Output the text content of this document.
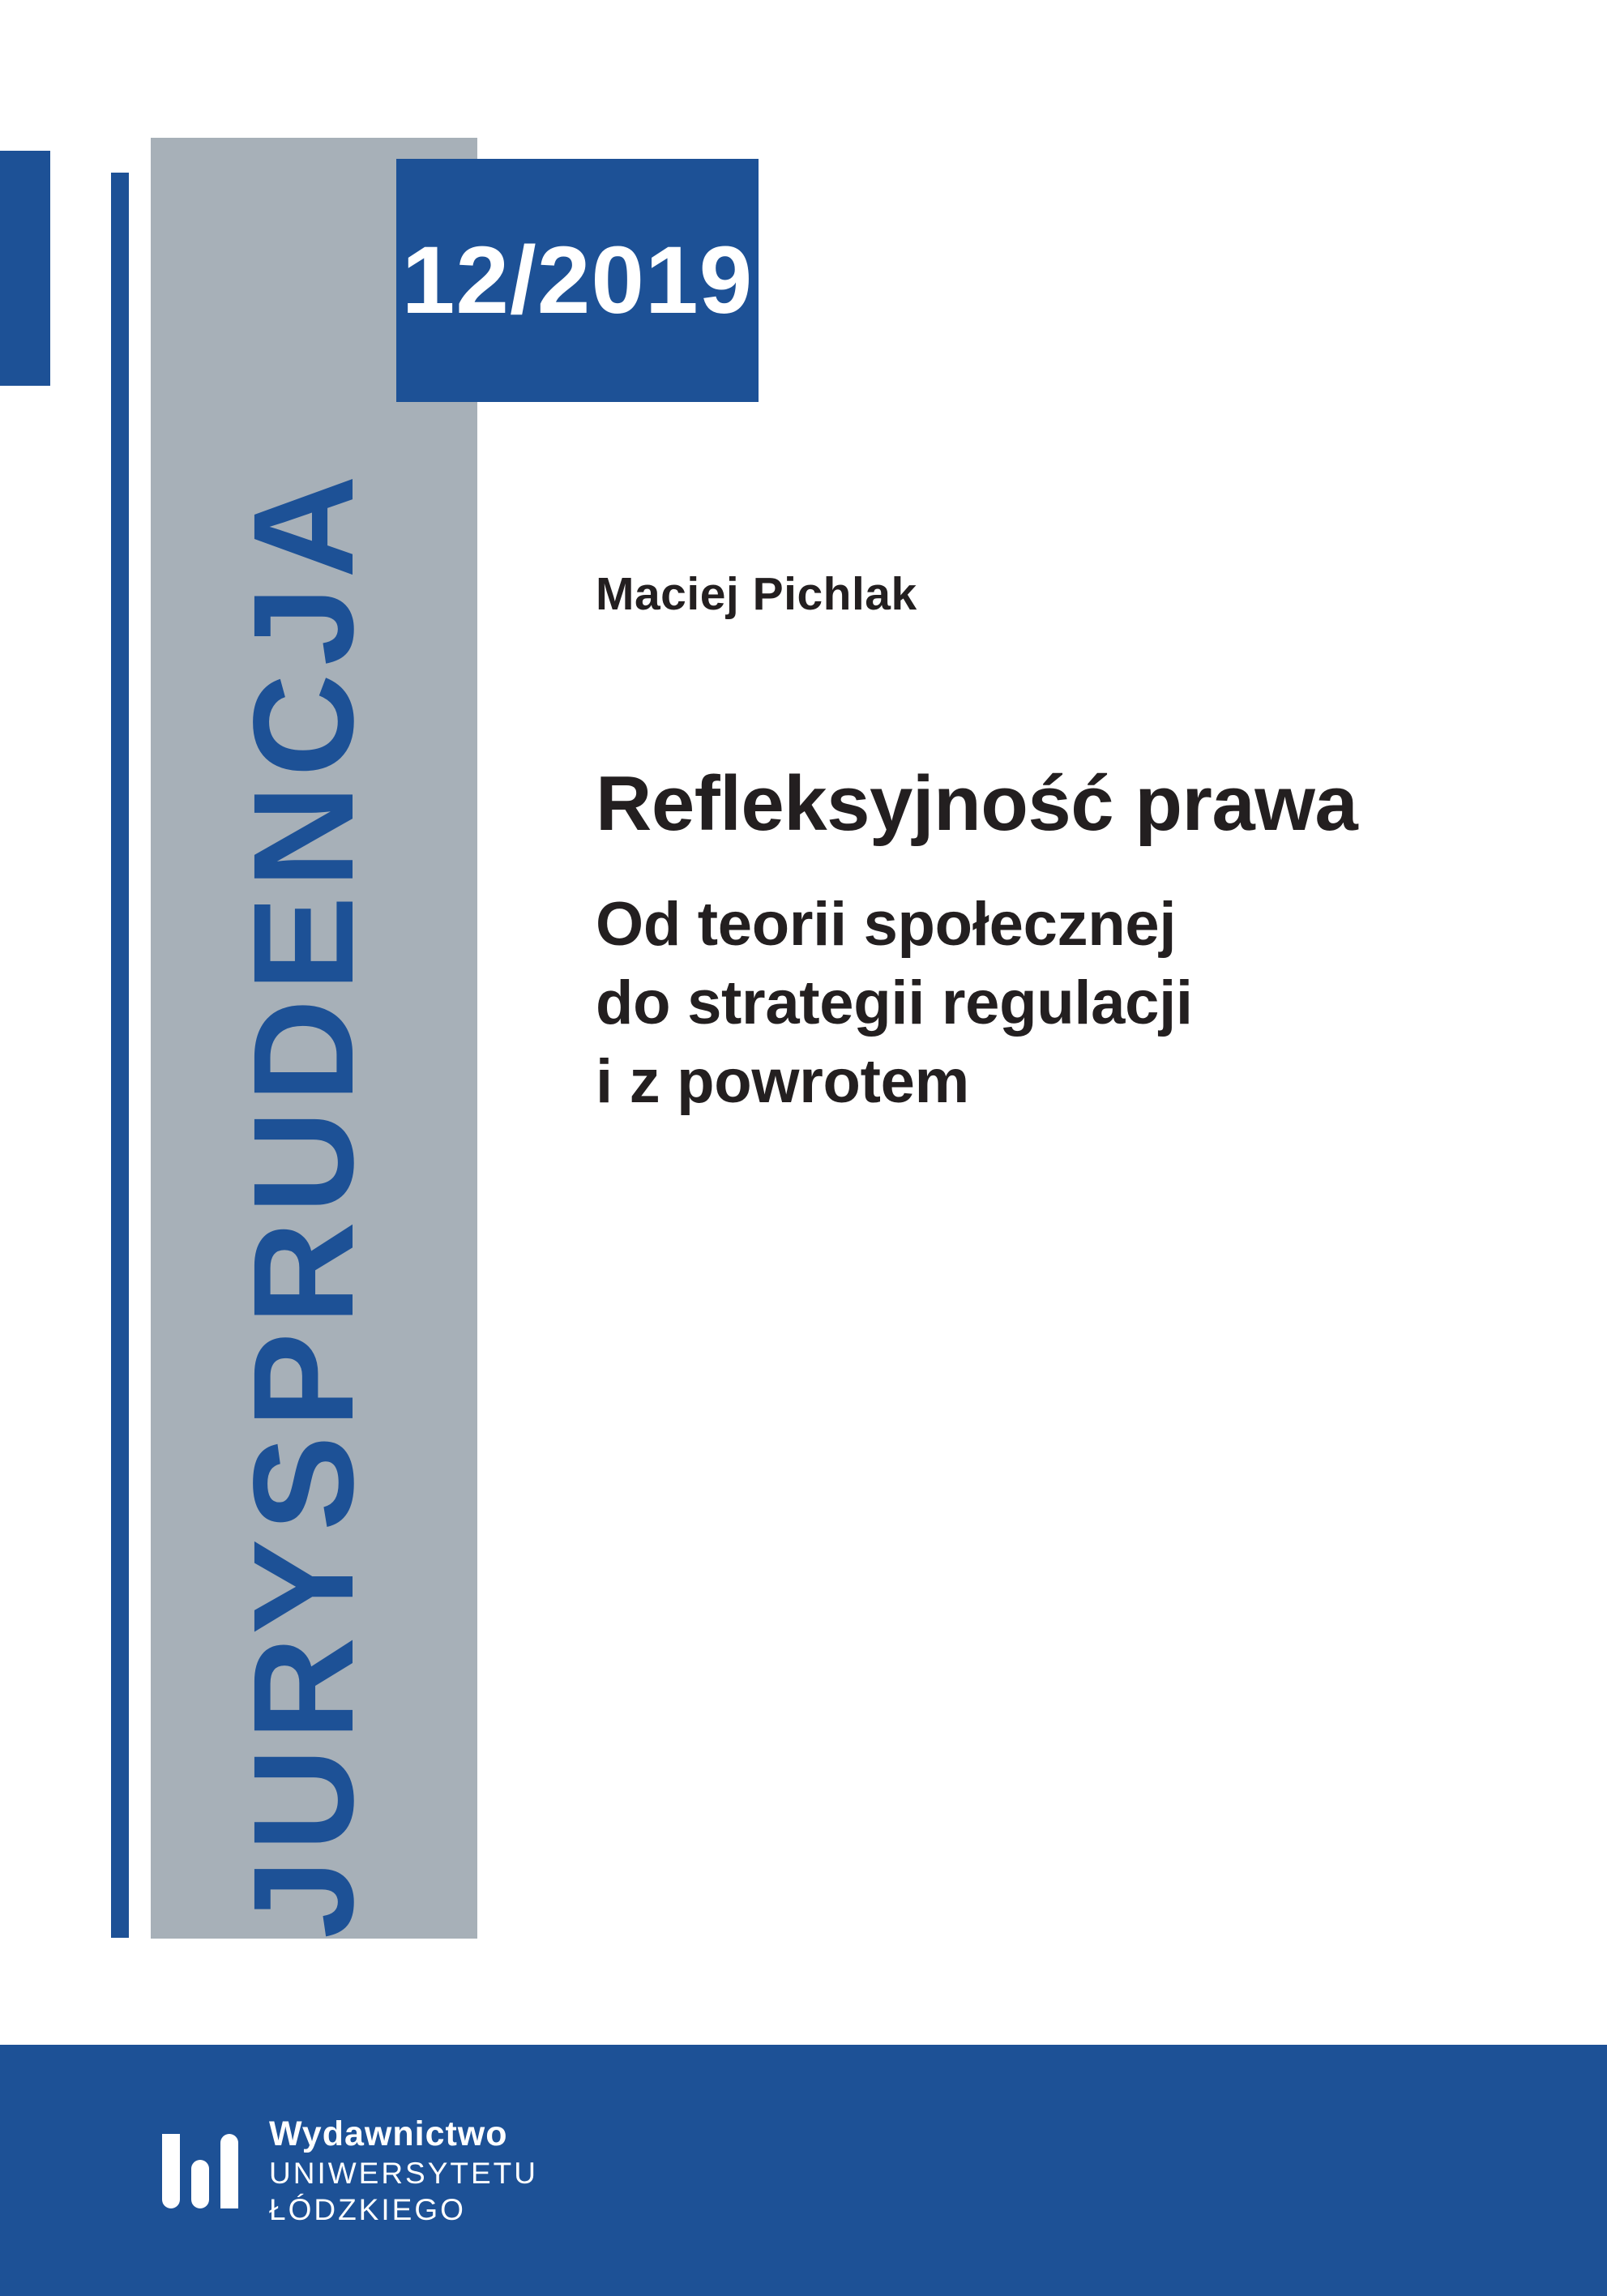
JURYSPRUDENCJA
12/2019
Maciej Pichlak
Refleksyjność prawa
Od teorii społecznej
do strategii regulacji
i z powrotem
Wydawnictwo
UNIWERSYTETU
ŁÓDZKIEGO
